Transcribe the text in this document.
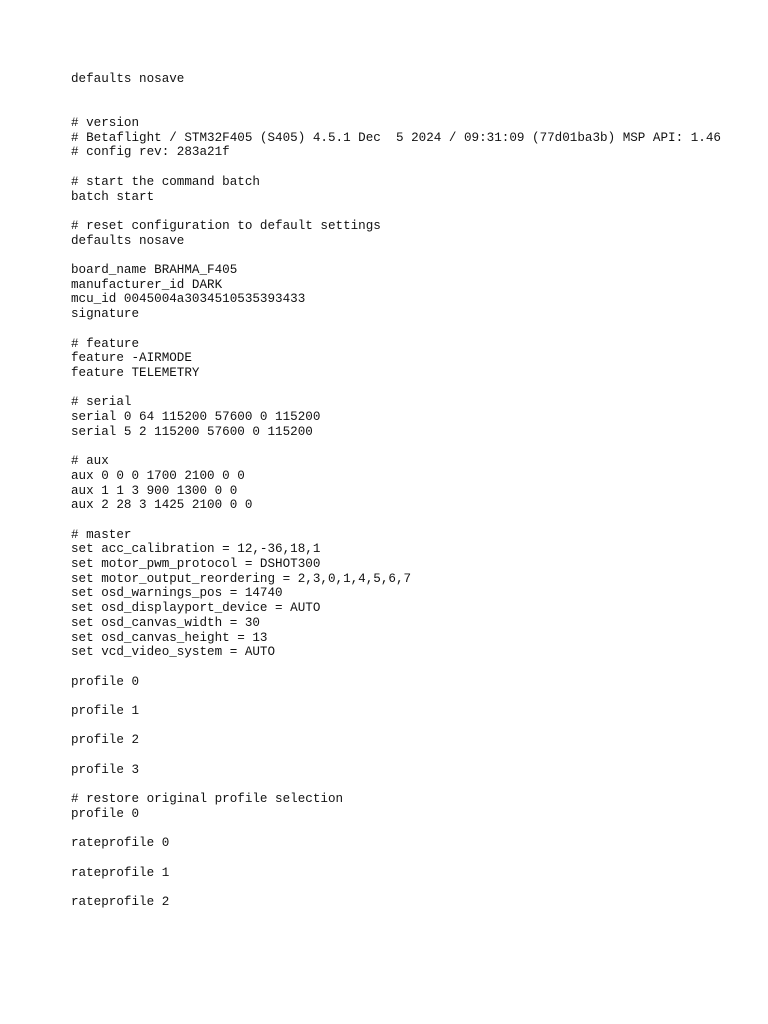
defaults nosave
# version
# Betaflight / STM32F405 (S405) 4.5.1 Dec  5 2024 / 09:31:09 (77d01ba3b) MSP API: 1.46
# config rev: 283a21f
# start the command batch
batch start
# reset configuration to default settings
defaults nosave
board_name BRAHMA_F405
manufacturer_id DARK
mcu_id 0045004a3034510535393433
signature
# feature
feature -AIRMODE
feature TELEMETRY
# serial
serial 0 64 115200 57600 0 115200
serial 5 2 115200 57600 0 115200
# aux
aux 0 0 0 1700 2100 0 0
aux 1 1 3 900 1300 0 0
aux 2 28 3 1425 2100 0 0
# master
set acc_calibration = 12,-36,18,1
set motor_pwm_protocol = DSHOT300
set motor_output_reordering = 2,3,0,1,4,5,6,7
set osd_warnings_pos = 14740
set osd_displayport_device = AUTO
set osd_canvas_width = 30
set osd_canvas_height = 13
set vcd_video_system = AUTO
profile 0
profile 1
profile 2
profile 3
# restore original profile selection
profile 0
rateprofile 0
rateprofile 1
rateprofile 2
